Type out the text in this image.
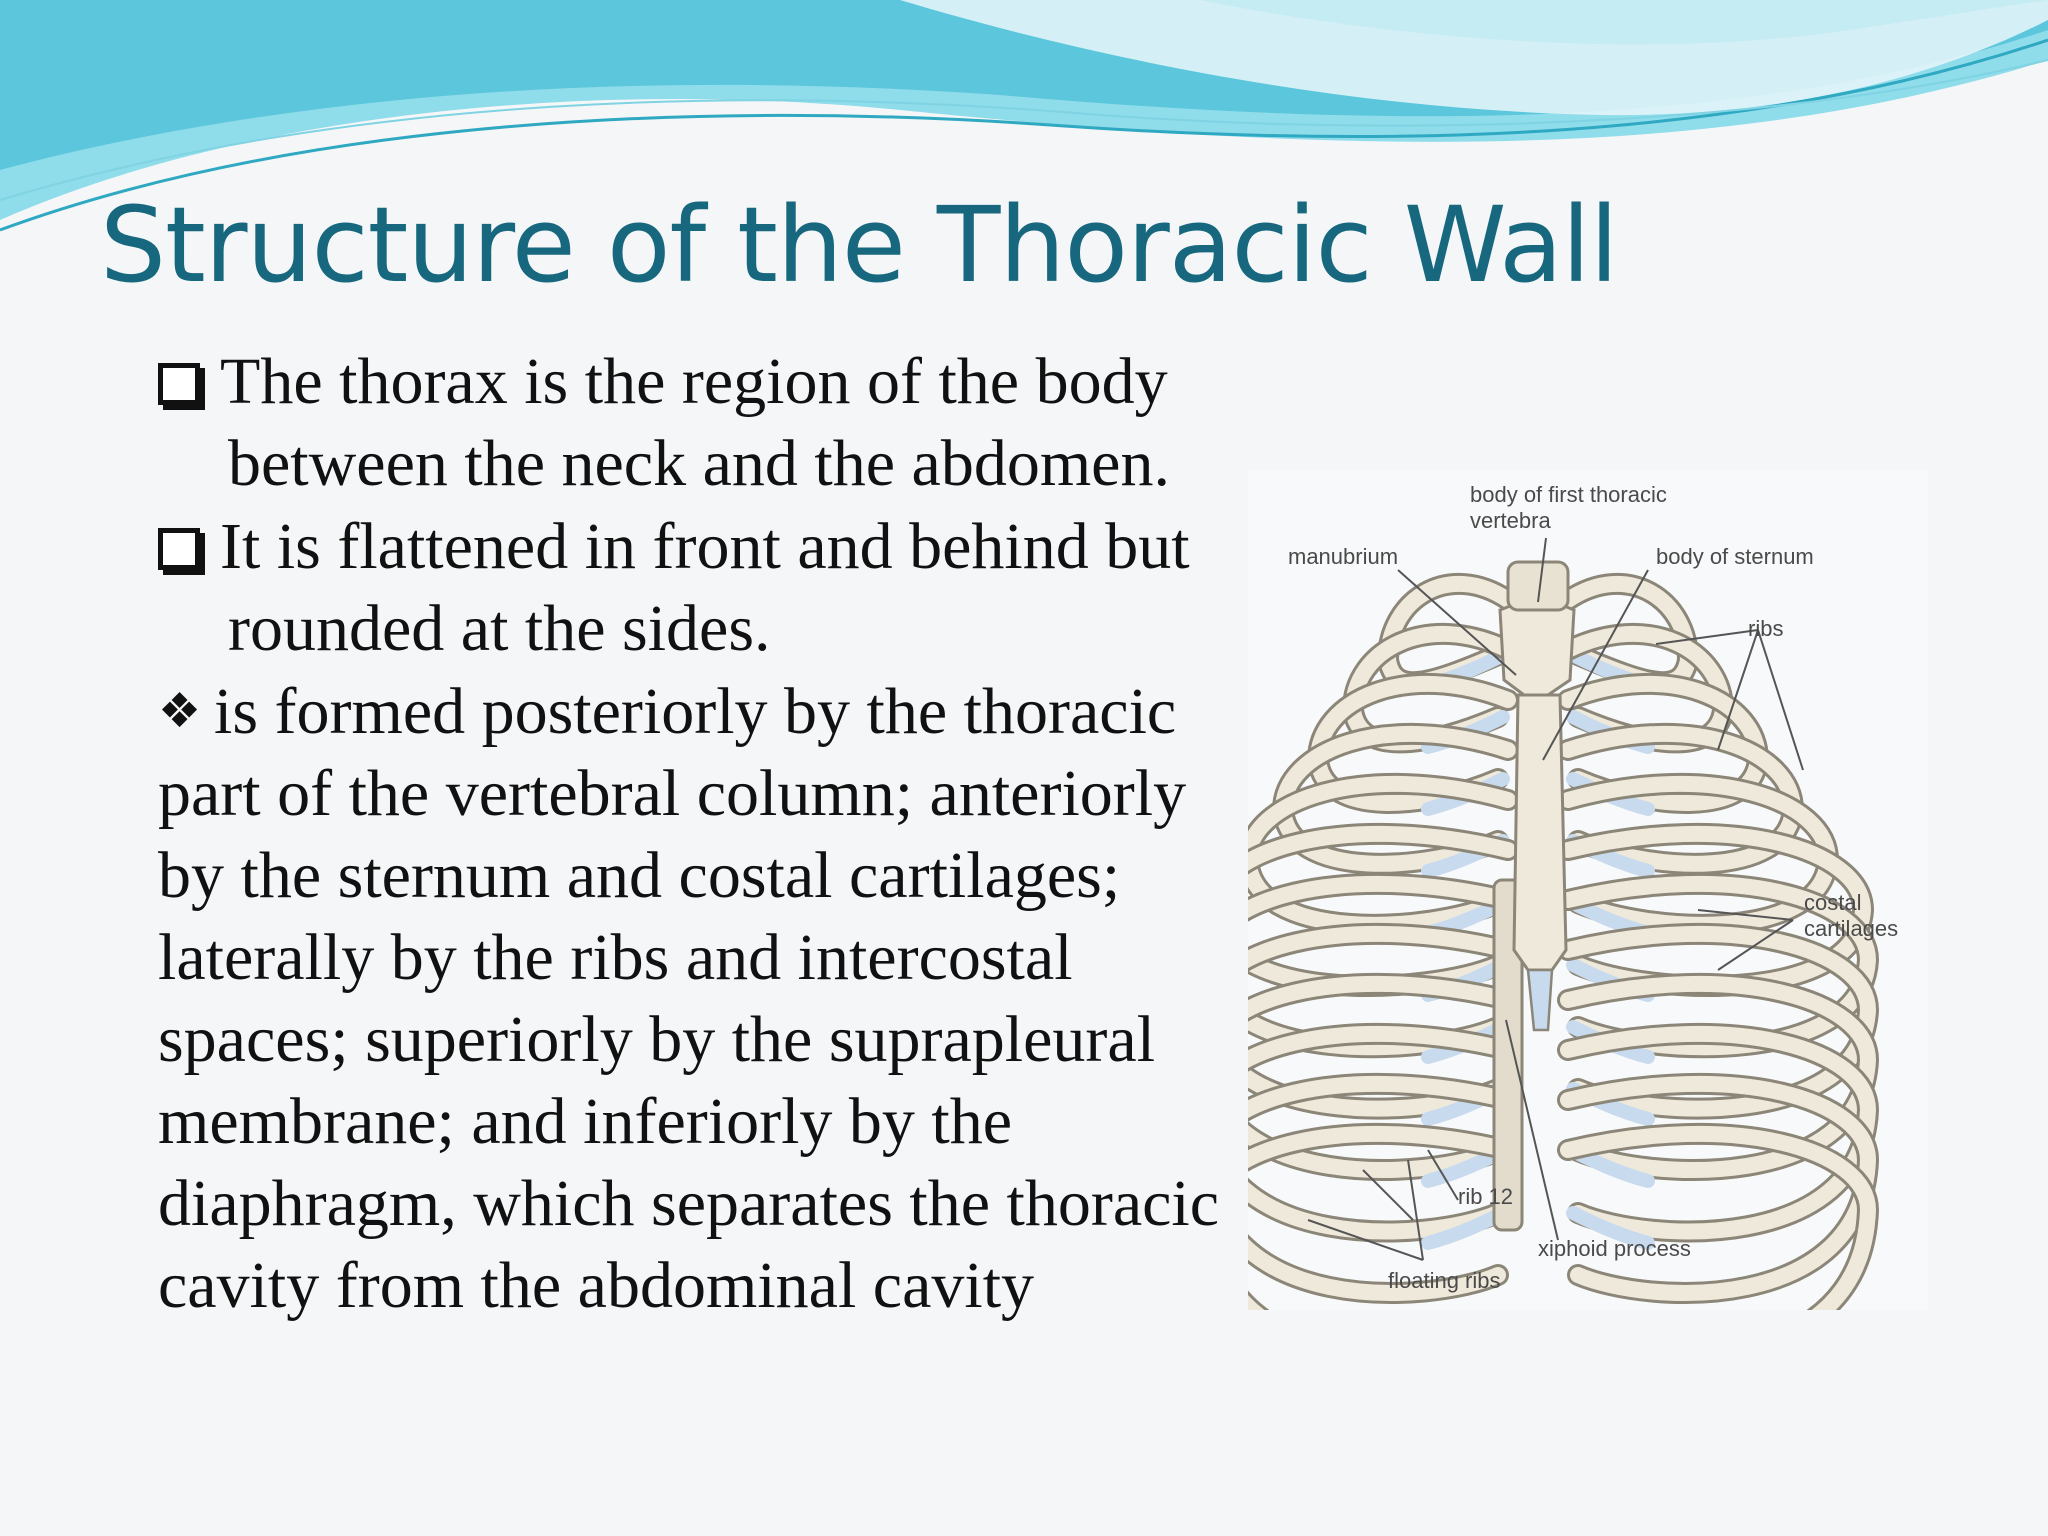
Structure of the Thoracic Wall

The thorax is the region of the body between the neck and the abdomen.

It is flattened in front and behind but rounded at the sides.

❖ is formed posteriorly by the thoracic part of the vertebral column; anteriorly by the sternum and costal cartilages; laterally by the ribs and intercostal spaces; superiorly by the suprapleural membrane; and inferiorly by the diaphragm, which separates the thoracic cavity from the abdominal cavity

body of first thoracic
vertebra
manubrium	body of sternum
ribs
costal
cartilages
rib 12
xiphoid process
floating ribs
